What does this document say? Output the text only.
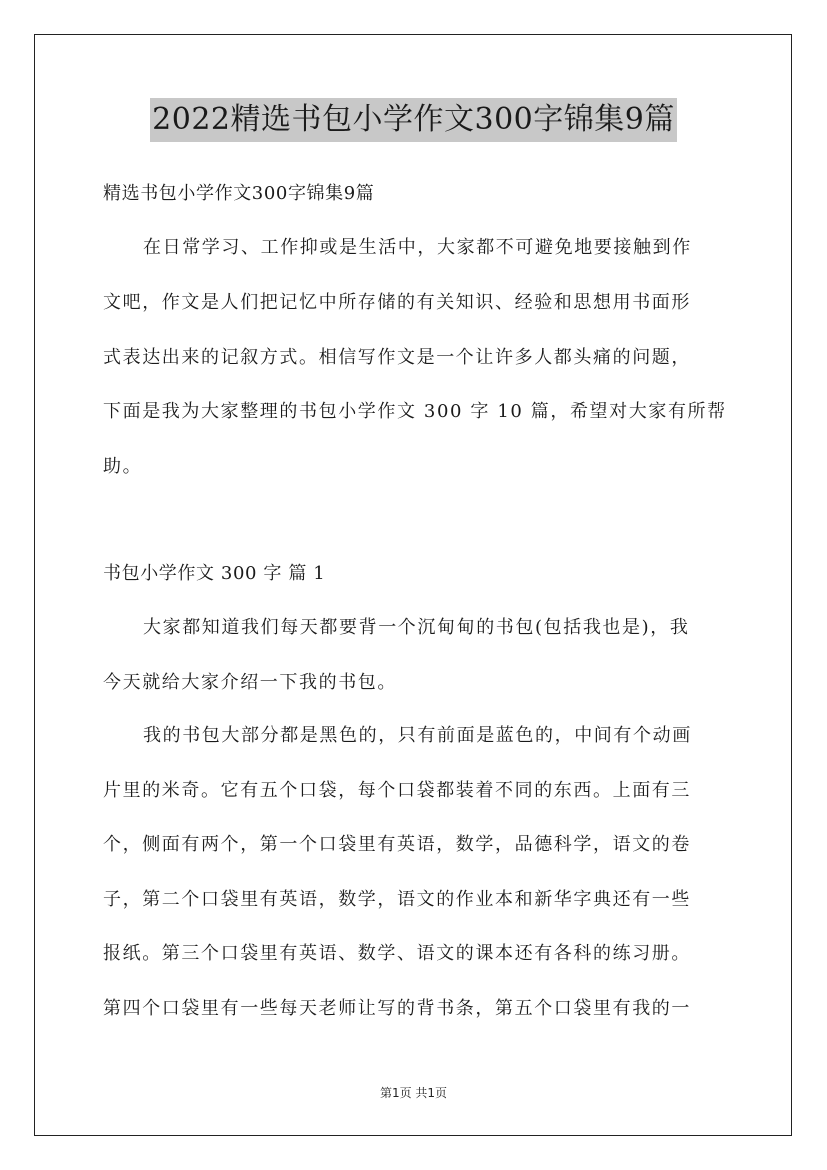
2022精选书包小学作文300字锦集9篇
精选书包小学作文300字锦集9篇
在日常学习、工作抑或是生活中，大家都不可避免地要接触到作
文吧，作文是人们把记忆中所存储的有关知识、经验和思想用书面形
式表达出来的记叙方式。相信写作文是一个让许多人都头痛的问题，
下面是我为大家整理的书包小学作文 300 字 10 篇，希望对大家有所帮
助。
书包小学作文 300 字 篇 1
大家都知道我们每天都要背一个沉甸甸的书包(包括我也是)，我
今天就给大家介绍一下我的书包。
我的书包大部分都是黑色的，只有前面是蓝色的，中间有个动画
片里的米奇。它有五个口袋，每个口袋都装着不同的东西。上面有三
个，侧面有两个，第一个口袋里有英语，数学，品德科学，语文的卷
子，第二个口袋里有英语，数学，语文的作业本和新华字典还有一些
报纸。第三个口袋里有英语、数学、语文的课本还有各科的练习册。
第四个口袋里有一些每天老师让写的背书条，第五个口袋里有我的一
第1页 共1页
